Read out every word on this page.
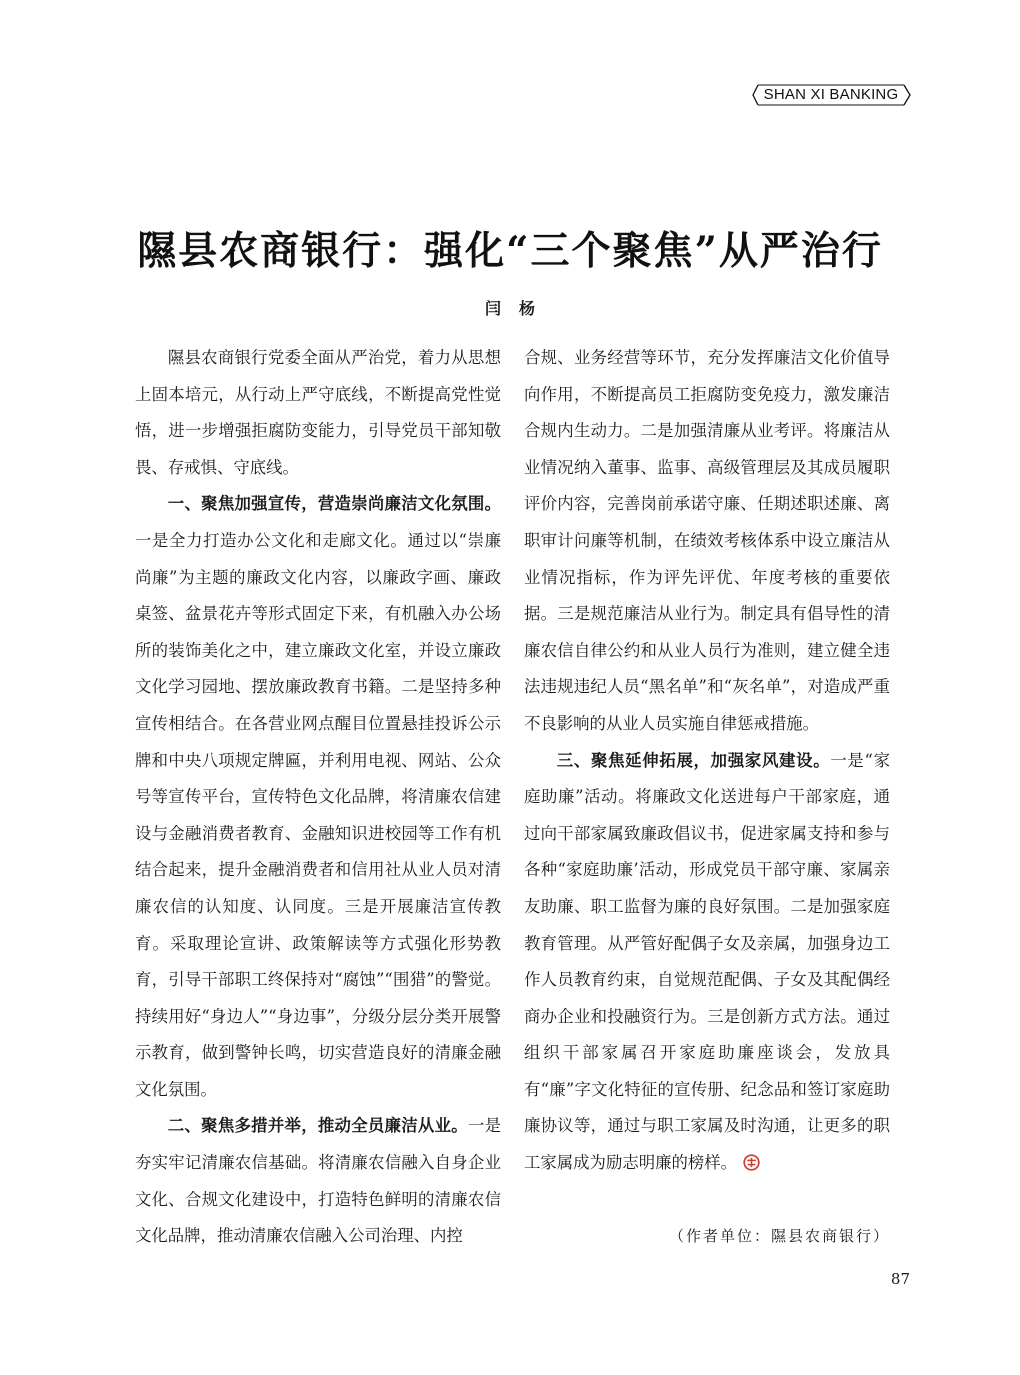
SHAN XI BANKING
隰县农商银行：强化“三个聚焦”从严治行
闫杨

隰县农商银行党委全面从严治党，着力从思想上固本培元，从行动上严守底线，不断提高党性觉悟，进一步增强拒腐防变能力，引导党员干部知敬畏、存戒惧、守底线。

一、聚焦加强宣传，营造崇尚廉洁文化氛围。一是全力打造办公文化和走廊文化。通过以“崇廉尚廉”为主题的廉政文化内容，以廉政字画、廉政桌签、盆景花卉等形式固定下来，有机融入办公场所的装饰美化之中，建立廉政文化室，并设立廉政文化学习园地、摆放廉政教育书籍。二是坚持多种宣传相结合。在各营业网点醒目位置悬挂投诉公示牌和中央八项规定牌匾，并利用电视、网站、公众号等宣传平台，宣传特色文化品牌，将清廉农信建设与金融消费者教育、金融知识进校园等工作有机结合起来，提升金融消费者和信用社从业人员对清廉农信的认知度、认同度。三是开展廉洁宣传教育。采取理论宣讲、政策解读等方式强化形势教育，引导干部职工终保持对“腐蚀”“围猎”的警觉。持续用好“身边人”“身边事”，分级分层分类开展警示教育，做到警钟长鸣，切实营造良好的清廉金融文化氛围。

二、聚焦多措并举，推动全员廉洁从业。一是夯实牢记清廉农信基础。将清廉农信融入自身企业文化、合规文化建设中，打造特色鲜明的清廉农信文化品牌，推动清廉农信融入公司治理、内控

合规、业务经营等环节，充分发挥廉洁文化价值导向作用，不断提高员工拒腐防变免疫力，激发廉洁合规内生动力。二是加强清廉从业考评。将廉洁从业情况纳入董事、监事、高级管理层及其成员履职评价内容，完善岗前承诺守廉、任期述职述廉、离职审计问廉等机制，在绩效考核体系中设立廉洁从业情况指标，作为评先评优、年度考核的重要依据。三是规范廉洁从业行为。制定具有倡导性的清廉农信自律公约和从业人员行为准则，建立健全违法违规违纪人员“黑名单”和“灰名单”，对造成严重不良影响的从业人员实施自律惩戒措施。

三、聚焦延伸拓展，加强家风建设。一是“家庭助廉”活动。将廉政文化送进每户干部家庭，通过向干部家属致廉政倡议书，促进家属支持和参与各种“家庭助廉’活动，形成党员干部守廉、家属亲友助廉、职工监督为廉的良好氛围。二是加强家庭教育管理。从严管好配偶子女及亲属，加强身边工作人员教育约束，自觉规范配偶、子女及其配偶经商办企业和投融资行为。三是创新方式方法。通过组织干部家属召开家庭助廉座谈会，发放具有“廉”字文化特征的宣传册、纪念品和签订家庭助廉协议等，通过与职工家属及时沟通，让更多的职工家属成为励志明廉的榜样。

（作者单位：隰县农商银行）
87
